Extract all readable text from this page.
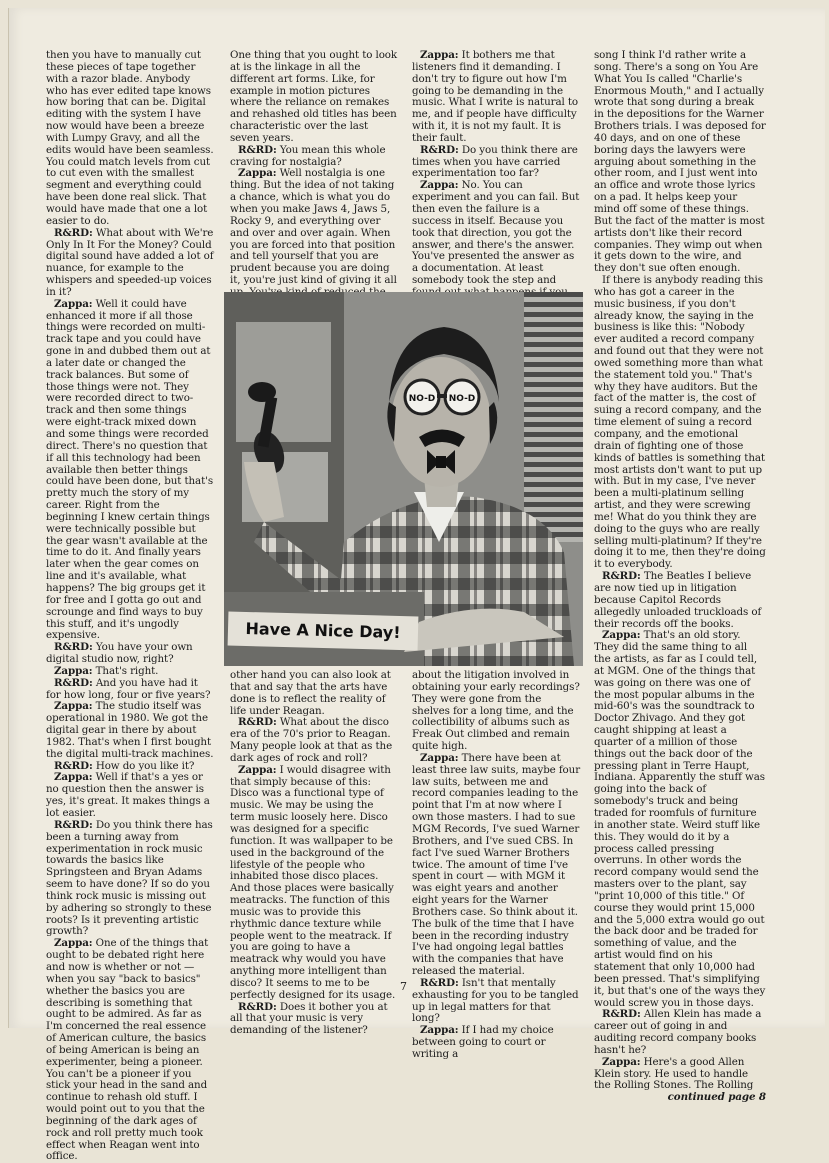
then you have to manually cut these pieces of tape together with a razor blade. Anybody who has ever edited tape knows how boring that can be. Digital editing with the system I have now would have been a breeze with Lumpy Gravy, and all the edits would have been seamless. You could match levels from cut to cut even with the smallest segment and everything could have been done real slick. That would have made that one a lot easier to do.

R&RD: What about with We're Only In It For the Money? Could digital sound have added a lot of nuance, for example to the whispers and speeded-up voices in it?

Zappa: Well it could have enhanced it more if all those things were recorded on multi-track tape and you could have gone in and dubbed them out at a later date or changed the track balances. But some of those things were not. They were recorded direct to two-track and then some things were eight-track mixed down and some things were recorded direct. There's no question that if all this technology had been available then better things could have been done, but that's pretty much the story of my career. Right from the beginning I knew certain things were technically possible but the gear wasn't available at the time to do it. And finally years later when the gear comes on line and it's available, what happens? The big groups get it for free and I gotta go out and scrounge and find ways to buy this stuff, and it's ungodly expensive.

R&RD: You have your own digital studio now, right?

Zappa: That's right.

R&RD: And you have had it for how long, four or five years?

Zappa: The studio itself was operational in 1980. We got the digital gear in there by about 1982. That's when I first bought the digital multi-track machines.

R&RD: How do you like it?

Zappa: Well if that's a yes or no question then the answer is yes, it's great. It makes things a lot easier.

R&RD: Do you think there has been a turning away from experimentation in rock music towards the basics like Springsteen and Bryan Adams seem to have done? If so do you think rock music is missing out by adhering so strongly to these roots? Is it preventing artistic growth?

Zappa: One of the things that ought to be debated right here and now is whether or not — when you say "back to basics" whether the basics you are describing is something that ought to be admired. As far as I'm concerned the real essence of American culture, the basics of being American is being an experimenter, being a pioneer. You can't be a pioneer if you stick your head in the sand and continue to rehash old stuff. I would point out to you that the beginning of the dark ages of rock and roll pretty much took effect when Reagan went into office.

One thing that you ought to look at is the linkage in all the different art forms. Like, for example in motion pictures where the reliance on remakes and rehashed old titles has been characteristic over the last seven years.

R&RD: You mean this whole craving for nostalgia?

Zappa: Well nostalgia is one thing. But the idea of not taking a chance, which is what you do when you make Jaws 4, Jaws 5, Rocky 9, and everything over and over and over again. When you are forced into that position and tell yourself that you are prudent because you are doing it, you're just kind of giving it all

Zappa: It bothers me that listeners find it demanding. I don't try to figure out how I'm going to be demanding in the music. What I write is natural to me, and if people have difficulty with it, it is not my fault. It is their fault.

R&RD: Do you think there are times when you have carried experimentation too far?

Zappa: No. You can experiment and you can fail. But then even the failure is a success in itself. Because you took that direction, you got the answer, and there's the answer. You've presented the answer as a documentation. At least somebody took the step and

other hand you can also look at that and say that the arts have done is to reflect the reality of life under Reagan.

R&RD: What about the disco era of the 70's prior to Reagan. Many people look at that as the dark ages of rock and roll?

Zappa: I would disagree with that simply because of this: Disco was a functional type of music. We may be using the term music loosely here. Disco was designed for a specific function. It was wallpaper to be used in the background of the lifestyle of the people who inhabited those disco places. And those places were basically meatracks. The function of this music was to provide this rhythmic dance texture while people went to the meatrack. If you are going to have a meatrack why would you have anything more intelligent than disco? It seems to me to be perfectly designed for its usage.

R&RD: Does it bother you at all that your music is very demanding of the listener?

about the litigation involved in obtaining your early recordings? They were gone from the shelves for a long time, and the collectibility of albums such as Freak Out climbed and remain quite high.

Zappa: There have been at least three law suits, maybe four law suits, between me and record companies leading to the point that I'm at now where I own those masters. I had to sue MGM Records, I've sued Warner Brothers, and I've sued CBS. In fact I've sued Warner Brothers twice. The amount of time I've spent in court — with MGM it was eight years and another eight years for the Warner Brothers case. So think about it. The bulk of the time that I have been in the recording industry I've had ongoing legal battles with the companies that have released the material.

R&RD: Isn't that mentally exhausting for you to be tangled up in legal matters for that long?

Zappa: If I had my choice between going to court or writing a

song I think I'd rather write a song. There's a song on You Are What You Is called "Charlie's Enormous Mouth," and I actually wrote that song during a break in the depositions for the Warner Brothers trials. I was deposed for 40 days, and on one of these boring days the lawyers were arguing about something in the other room, and I just went into an office and wrote those lyrics on a pad. It helps keep your mind off some of these things. But the fact of the matter is most artists don't like their record companies. They wimp out when it gets down to the wire, and they don't sue often enough.

If there is anybody reading this who has got a career in the music business, if you don't already know, the saying in the business is like this: "Nobody ever audited a record company and found out that they were not owed something more than what the statement told you." That's why they have auditors. But the fact of the matter is, the cost of suing a record company, and the time element of suing a record company, and the emotional drain of fighting one of those kinds of battles is something that most artists don't want to put up with. But in my case, I've never been a multi-platinum selling artist, and they were screwing me! What do you think they are doing to the guys who are really selling multi-platinum? If they're doing it to me, then they're doing it to everybody.

R&RD: The Beatles I believe are now tied up in litigation because Capitol Records allegedly unloaded truckloads of their records off the books.

Zappa: That's an old story. They did the same thing to all the artists, as far as I could tell, at MGM. One of the things that was going on there was one of the most popular albums in the mid-60's was the soundtrack to Doctor Zhivago. And they got caught shipping at least a quarter of a million of those things out the back door of the pressing plant in Terre Haupt, Indiana. Apparently the stuff was going into the back of somebody's truck and being traded for roomfuls of furniture in another state. Weird stuff like this. They would do it by a process called pressing overruns. In other words the record company would send the masters over to the plant, say "print 10,000 of this title." Of course they would print 15,000 and the 5,000 extra would go out the back door and be traded for something of value, and the artist would find on his statement that only 10,000 had been pressed. That's simplifying it, but that's one of the ways they would screw you in those days.

R&RD: Allen Klein has made a career out of going in and auditing record company books hasn't he?

Zappa: Here's a good Allen Klein story. He used to handle the Rolling Stones. The Rolling

continued page 8

NO-D NO-D
Have A Nice Day!
7
